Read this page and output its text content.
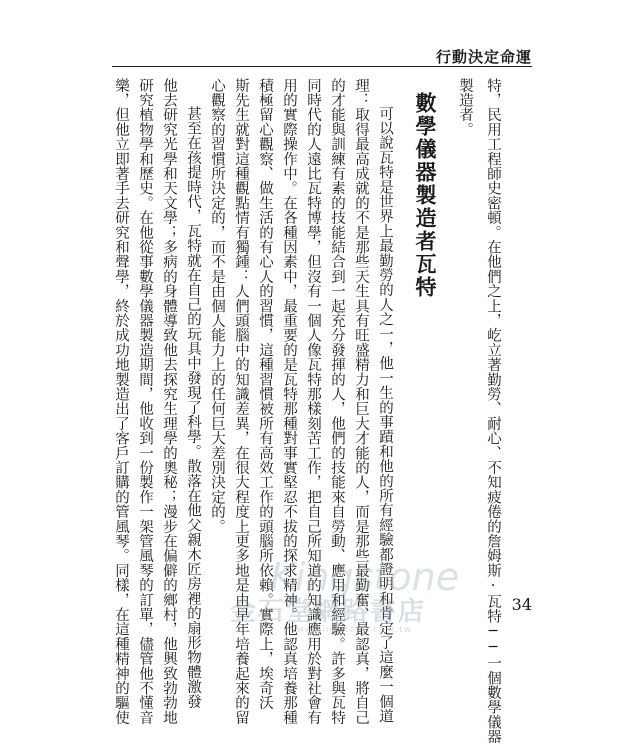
行動決定命運
特，民用工程師史密頓。在他們之上，屹立著勤勞、耐心、不知疲倦的詹姆斯·瓦特──一個數學儀器
製造者。
數學儀器製造者瓦特
可以說瓦特是世界上最勤勞的人之一，他一生的事蹟和他的所有經驗都證明和肯定了這麼一個道
理：取得最高成就的不是那些天生具有旺盛精力和巨大才能的人，而是那些最勤奮、最認真，將自己
的才能與訓練有素的技能結合到一起充分發揮的人，他們的技能來自勞動、應用和經驗。許多與瓦特
同時代的人遠比瓦特博學，但沒有一個人像瓦特那樣刻苦工作，把自己所知道的知識應用於對社會有
用的實際操作中。在各種因素中，最重要的是瓦特那種對事實堅忍不拔的探求精神。他認真培養那種
積極留心觀察、做生活的有心人的習慣，這種習慣被所有高效工作的頭腦所依賴。實際上，埃奇沃
斯先生就對這種觀點情有獨鍾：人們頭腦中的知識差異，在很大程度上更多地是由早年培養起來的留
心觀察的習慣所決定的，而不是由個人能力上的任何巨大差別決定的。
甚至在孩提時代，瓦特就在自己的玩具中發現了科學。散落在他父親木匠房裡的扇形物體激發
他去研究光學和天文學；多病的身體導致他去探究生理學的奧秘；漫步在偏僻的鄉村，他興致勃勃地
研究植物學和歷史。在他從事數學儀器製造期間，他收到一份製作一架管風琴的訂單，儘管他不懂音
樂，但他立即著手去研究和聲學，終於成功地製造出了客戶訂購的管風琴。同樣，在這種精神的驅使	34
Kingstone
金石堂網路書店
www.kingstone.com.tw
